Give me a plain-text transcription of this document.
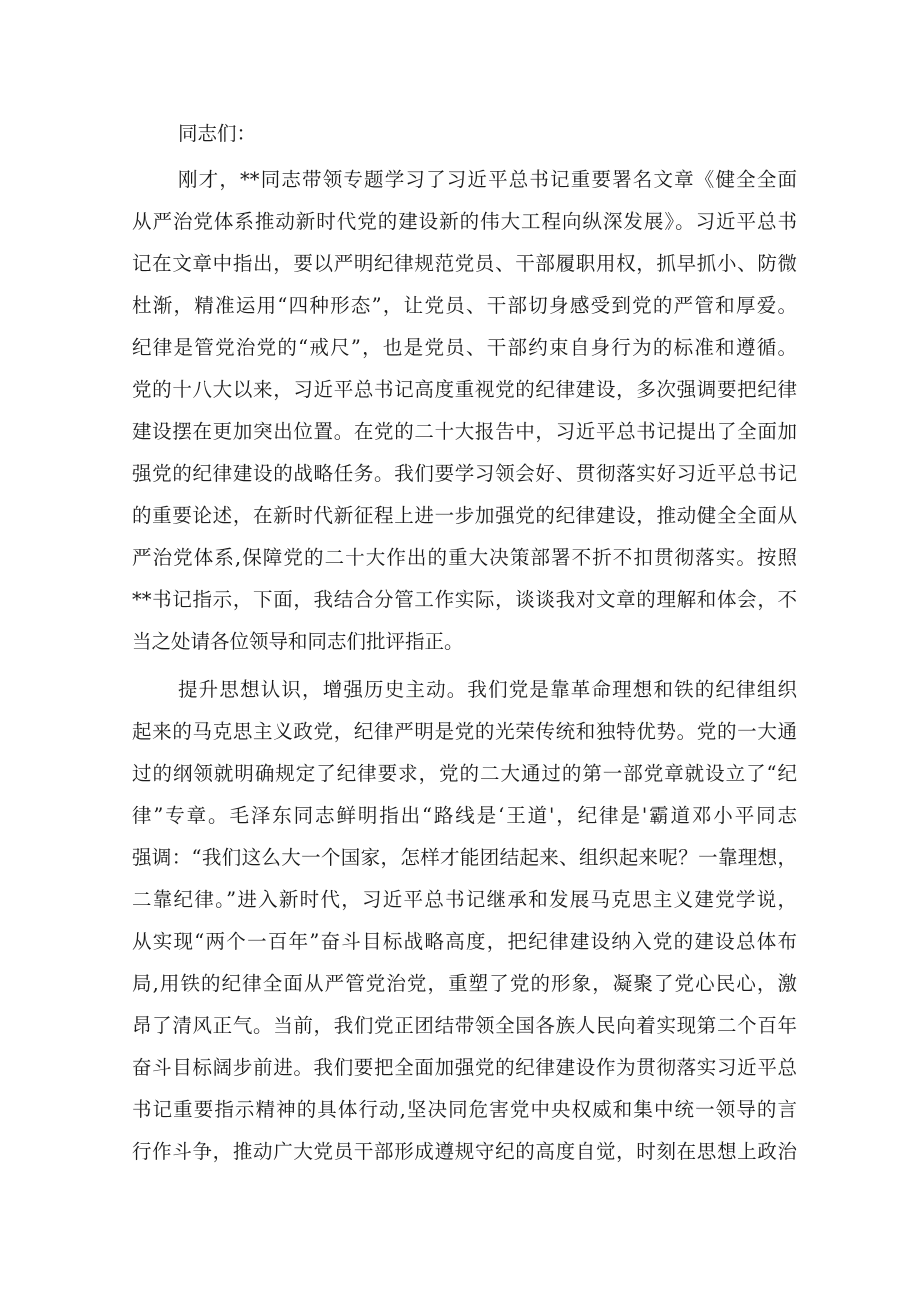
同志们：

刚才，**同志带领专题学习了习近平总书记重要署名文章《健全全面

从严治党体系推动新时代党的建设新的伟大工程向纵深发展》。习近平总书

记在文章中指出，要以严明纪律规范党员、干部履职用权，抓早抓小、防微

杜渐，精准运用“四种形态”，让党员、干部切身感受到党的严管和厚爱。

纪律是管党治党的“戒尺”，也是党员、干部约束自身行为的标准和遵循。

党的十八大以来，习近平总书记高度重视党的纪律建设，多次强调要把纪律

建设摆在更加突出位置。在党的二十大报告中，习近平总书记提出了全面加

强党的纪律建设的战略任务。我们要学习领会好、贯彻落实好习近平总书记

的重要论述，在新时代新征程上进一步加强党的纪律建设，推动健全全面从

严治党体系,保障党的二十大作出的重大决策部署不折不扣贯彻落实。按照

**书记指示，下面，我结合分管工作实际，谈谈我对文章的理解和体会，不

当之处请各位领导和同志们批评指正。

提升思想认识，增强历史主动。我们党是靠革命理想和铁的纪律组织

起来的马克思主义政党，纪律严明是党的光荣传统和独特优势。党的一大通

过的纲领就明确规定了纪律要求，党的二大通过的第一部党章就设立了“纪

律”专章。毛泽东同志鲜明指出“路线是‘王道'，纪律是'霸道邓小平同志

强调：“我们这么大一个国家，怎样才能团结起来、组织起来呢？一靠理想，

二靠纪律。”进入新时代，习近平总书记继承和发展马克思主义建党学说，

从实现“两个一百年”奋斗目标战略高度，把纪律建设纳入党的建设总体布

局,用铁的纪律全面从严管党治党，重塑了党的形象，凝聚了党心民心，激

昂了清风正气。当前，我们党正团结带领全国各族人民向着实现第二个百年

奋斗目标阔步前进。我们要把全面加强党的纪律建设作为贯彻落实习近平总

书记重要指示精神的具体行动,坚决同危害党中央权威和集中统一领导的言

行作斗争，推动广大党员干部形成遵规守纪的高度自觉，时刻在思想上政治
